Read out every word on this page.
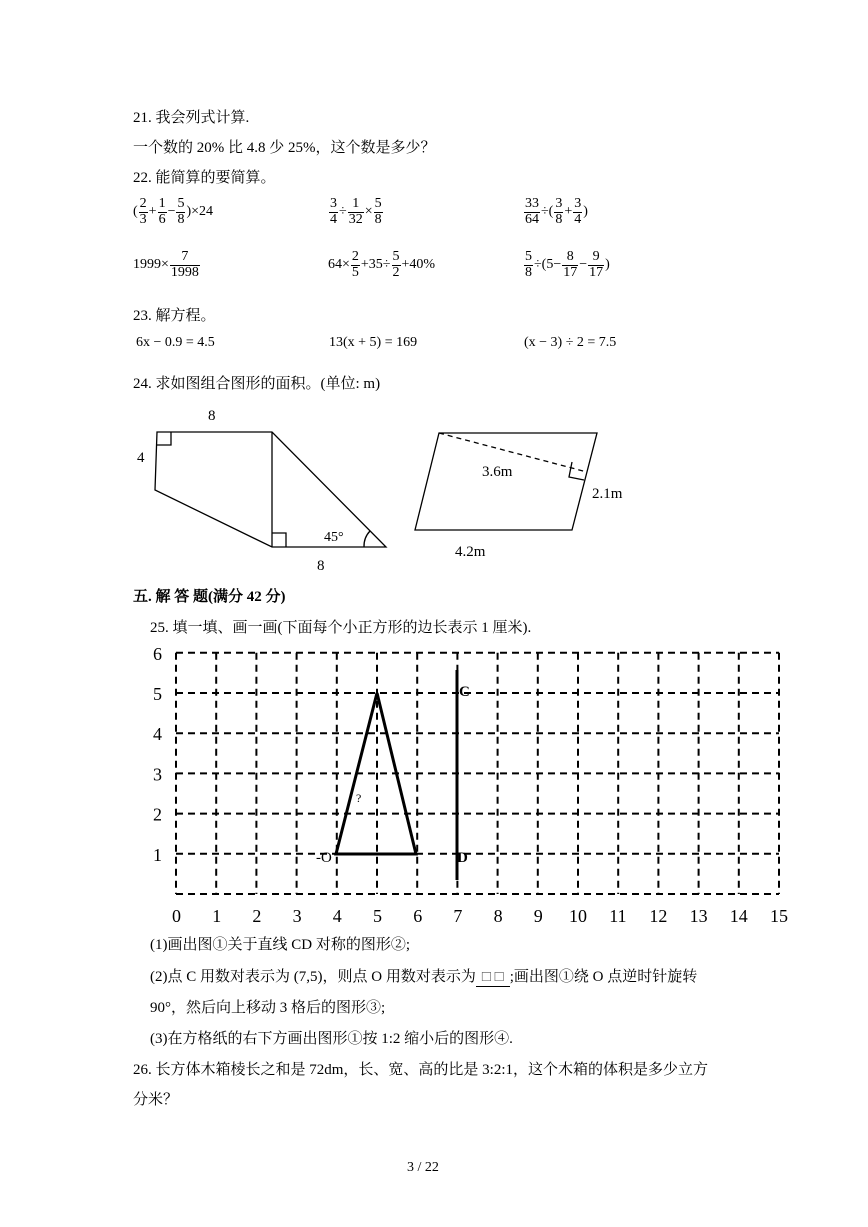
21. 我会列式计算.
一个数的 20% 比 4.8 少 25%，这个数是多少？
22. 能简算的要简算。
( $\frac{2}{3} + \frac{1}{6} - \frac{5}{8} )\times 24$	$\frac{3}{4} \div \frac{1}{32} \times \frac{5}{8}$	$\frac{33}{64}$ ÷( $\frac{3}{8} + \frac{3}{4}$ )
$1999\times \frac{7}{1998}$	$64\times \frac{2}{5} +35\div \frac{5}{2} +40\%$	$\frac{5}{8} \div(5- \frac{8}{17} - \frac{9}{17}$ )
23. 解方程。
6x − 0.9 = 4.5	13(x + 5) = 169	(x − 3) ÷ 2 = 7.5
24. 求如图组合图形的面积。(单位: m)
8
4
8
45°
3.6m
2.1m
4.2m
五. 解 答 题(满分 42 分)
25. 填一填、画一画(下面每个小正方形的边长表示 1 厘米).
0 1 2 3 4 5 6 7 8 9 10 11 12 13 14 15
1
2
3
4
5
6
C
D
-O
?
(1)画出图①关于直线 CD 对称的图形②;
(2)点 C 用数对表示为 (7,5)，则点 O 用数对表示为 □ □ ;画出图①绕 O 点逆时针旋转
90°，然后向上移动 3 格后的图形③;
(3)在方格纸的右下方画出图形①按 1:2 缩小后的图形④.
26. 长方体木箱棱长之和是 72dm，长、宽、高的比是 3:2:1，这个木箱的体积是多少立方
分米？
3 / 22
